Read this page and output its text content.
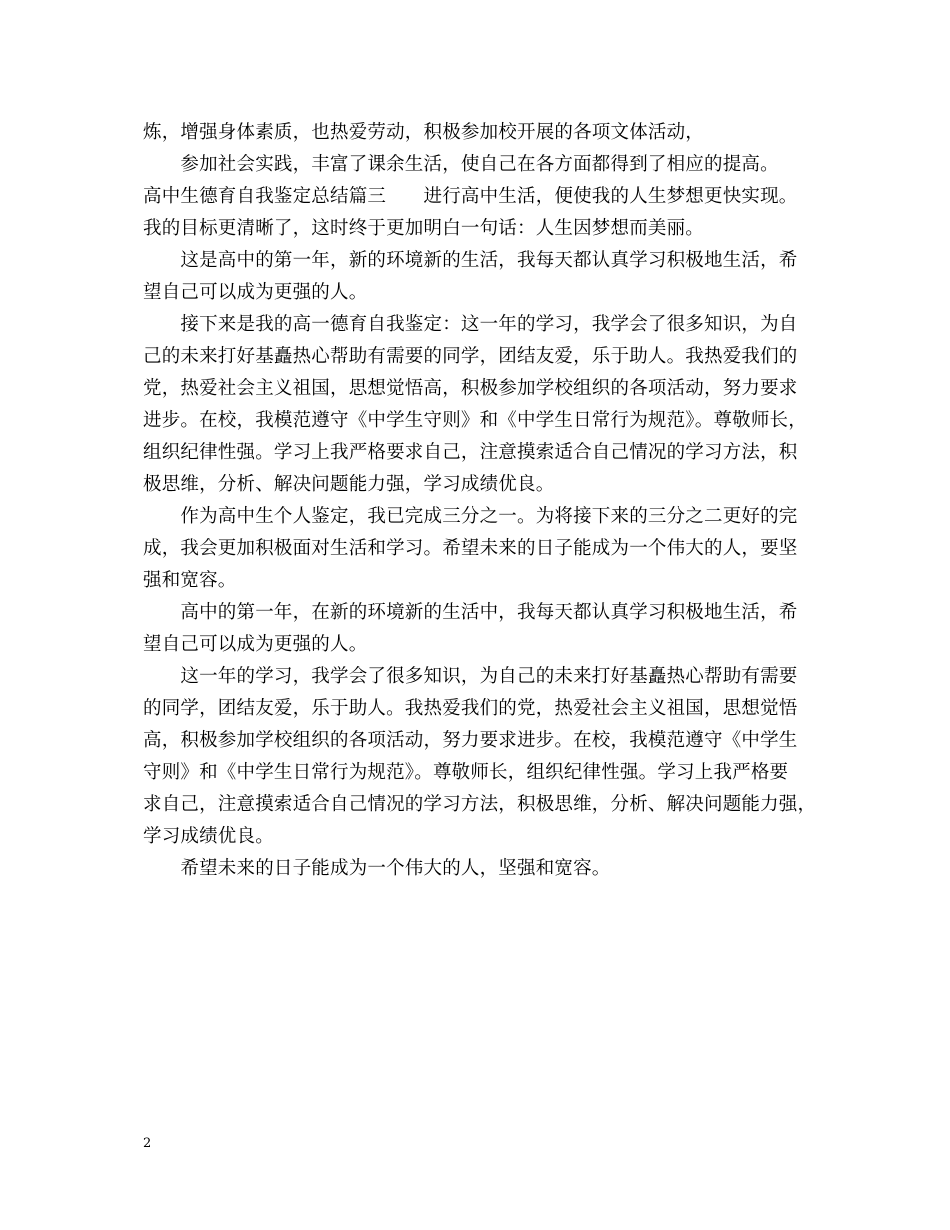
炼，增强身体素质，也热爱劳动，积极参加校开展的各项文体活动，

　　参加社会实践，丰富了课余生活，使自己在各方面都得到了相应的提高。

高中生德育自我鉴定总结篇三　　进行高中生活，便使我的人生梦想更快实现。

我的目标更清晰了，这时终于更加明白一句话：人生因梦想而美丽。

　　这是高中的第一年，新的环境新的生活，我每天都认真学习积极地生活，希

望自己可以成为更强的人。

　　接下来是我的高一德育自我鉴定：这一年的学习，我学会了很多知识，为自

己的未来打好基矗热心帮助有需要的同学，团结友爱，乐于助人。我热爱我们的

党，热爱社会主义祖国，思想觉悟高，积极参加学校组织的各项活动，努力要求

进步。在校，我模范遵守《中学生守则》和《中学生日常行为规范》。尊敬师长，

组织纪律性强。学习上我严格要求自己，注意摸索适合自己情况的学习方法，积

极思维，分析、解决问题能力强，学习成绩优良。

　　作为高中生个人鉴定，我已完成三分之一。为将接下来的三分之二更好的完

成，我会更加积极面对生活和学习。希望未来的日子能成为一个伟大的人，要坚

强和宽容。

　　高中的第一年，在新的环境新的生活中，我每天都认真学习积极地生活，希

望自己可以成为更强的人。

　　这一年的学习，我学会了很多知识，为自己的未来打好基矗热心帮助有需要

的同学，团结友爱，乐于助人。我热爱我们的党，热爱社会主义祖国，思想觉悟

高，积极参加学校组织的各项活动，努力要求进步。在校，我模范遵守《中学生

守则》和《中学生日常行为规范》。尊敬师长，组织纪律性强。学习上我严格要

求自己，注意摸索适合自己情况的学习方法，积极思维，分析、解决问题能力强，

学习成绩优良。

　　希望未来的日子能成为一个伟大的人，坚强和宽容。

2
